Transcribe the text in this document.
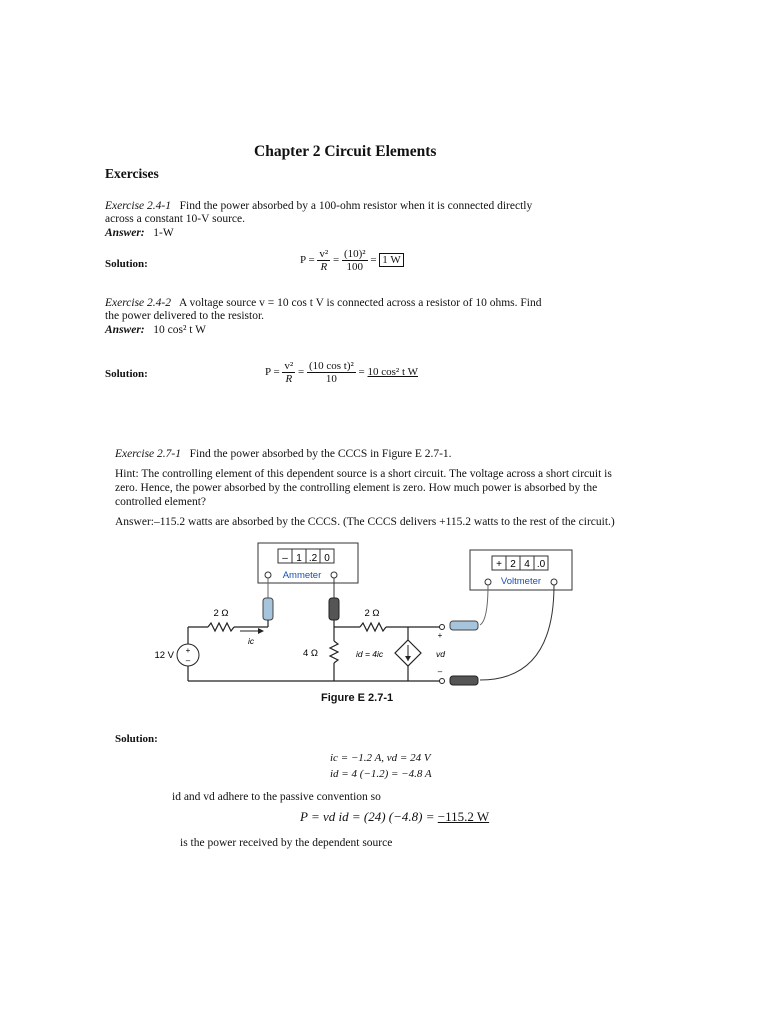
Chapter 2 Circuit Elements
Exercises
Exercise 2.4-1 Find the power absorbed by a 100-ohm resistor when it is connected directly
across a constant 10-V source.
Answer: 1-W
Solution:	$P = \frac{\text{v²}}{R} = \frac{\text{(10)²}}{100} = 1$ W
Exercise 2.4-2 A voltage source v = 10 cos t V is connected across a resistor of 10 ohms. Find
the power delivered to the resistor.
Answer: 10 cos² t W
Solution:	$P = \frac{\text{v²}}{R} = \frac{\text{(10 cos t)²}}{10} = 10$ cos² t W
Exercise 2.7-1 Find the power absorbed by the CCCS in Figure E 2.7-1.
Hint: The controlling element of this dependent source is a short circuit. The voltage across a short circuit is zero. Hence, the power absorbed by the controlling element is zero. How much power is absorbed by the controlled element?
Answer:–115.2 watts are absorbed by the CCCS. (The CCCS delivers +115.2 watts to the rest of the circuit.)
– 1 .2 0
Ammeter
+ 2 4 .0
Voltmeter
+
–
2 Ω	2 Ω
4 Ω
12 V
ic
id = 4ic	vd
+
–
Figure E 2.7-1
Solution:
ic = −1.2 A, vd = 24 V
id = 4 (−1.2) = −4.8 A
id and vd adhere to the passive convention so
P = vd id = (24) (−4.8) = −115.2 W
is the power received by the dependent source
